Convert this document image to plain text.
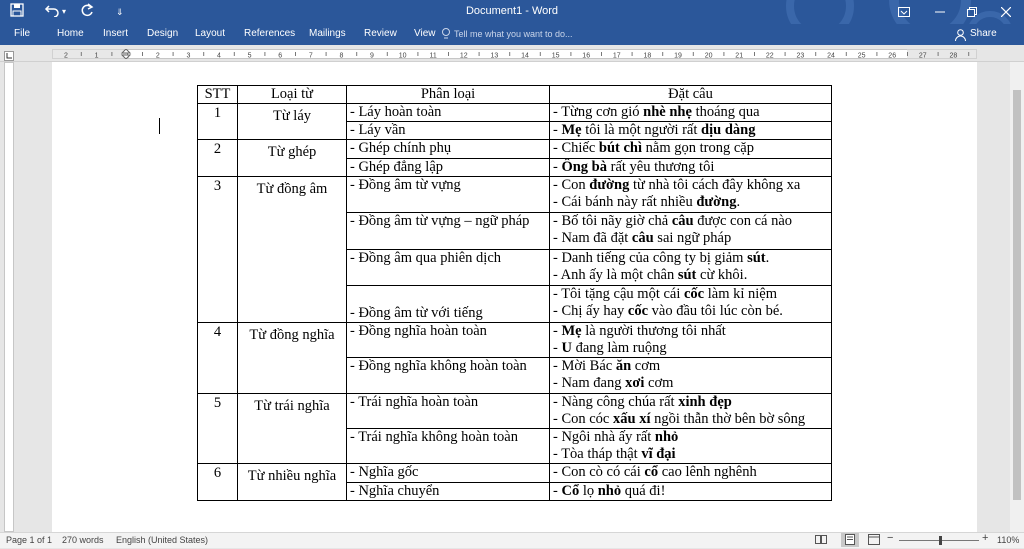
▾	⇓	Document1 - Word
File	Home Insert Design Layout References Mailings Review View Tell me what you want to do...	Share
2	1	2	3	4	5	6	7	8	9	10	11	12	13	14	15	16	17	18	19	20	21	22	23	24	25	26	27	28
STT	Loại từ	Phân loại	Đặt câu
1	Từ láy	- Láy hoàn toàn	- Từng cơn gió nhè nhẹ thoáng qua

		- Láy vần	- Mẹ tôi là một người rất dịu dàng

2	Từ ghép	- Ghép chính phụ	- Chiếc bút chì nằm gọn trong cặp

		- Ghép đẳng lập	- Ông bà rất yêu thương tôi

3	Từ đồng âm	- Đồng âm từ vựng	- Con đường từ nhà tôi cách đây không xa
- Cái bánh này rất nhiều đường.

		- Đồng âm từ vựng – ngữ pháp	- Bố tôi nãy giờ chả câu được con cá nào
- Nam đã đặt câu sai ngữ pháp

		- Đồng âm qua phiên dịch	- Danh tiếng của công ty bị giảm sút.
- Anh ấy là một chân sút cừ khôi.

		- Đồng âm từ với tiếng	- Tôi tặng cậu một cái cốc làm kỉ niệm
- Chị ấy hay cốc vào đầu tôi lúc còn bé.

4	Từ đồng nghĩa	- Đồng nghĩa hoàn toàn	- Mẹ là người thương tôi nhất
- U đang làm ruộng

		- Đồng nghĩa không hoàn toàn	- Mời Bác ăn cơm
- Nam đang xơi cơm

5	Từ trái nghĩa	- Trái nghĩa hoàn toàn	- Nàng công chúa rất xinh đẹp
- Con cóc xấu xí ngồi thẫn thờ bên bờ sông

		- Trái nghĩa không hoàn toàn	- Ngôi nhà ấy rất nhỏ
- Tòa tháp thật vĩ đại

6	Từ nhiều nghĩa	- Nghĩa gốc	- Con cò có cái cổ cao lênh nghênh

		- Nghĩa chuyển	- Cổ lọ nhỏ quá đi!
Page 1 of 1 270 words English (United States)	−	+ 110%
